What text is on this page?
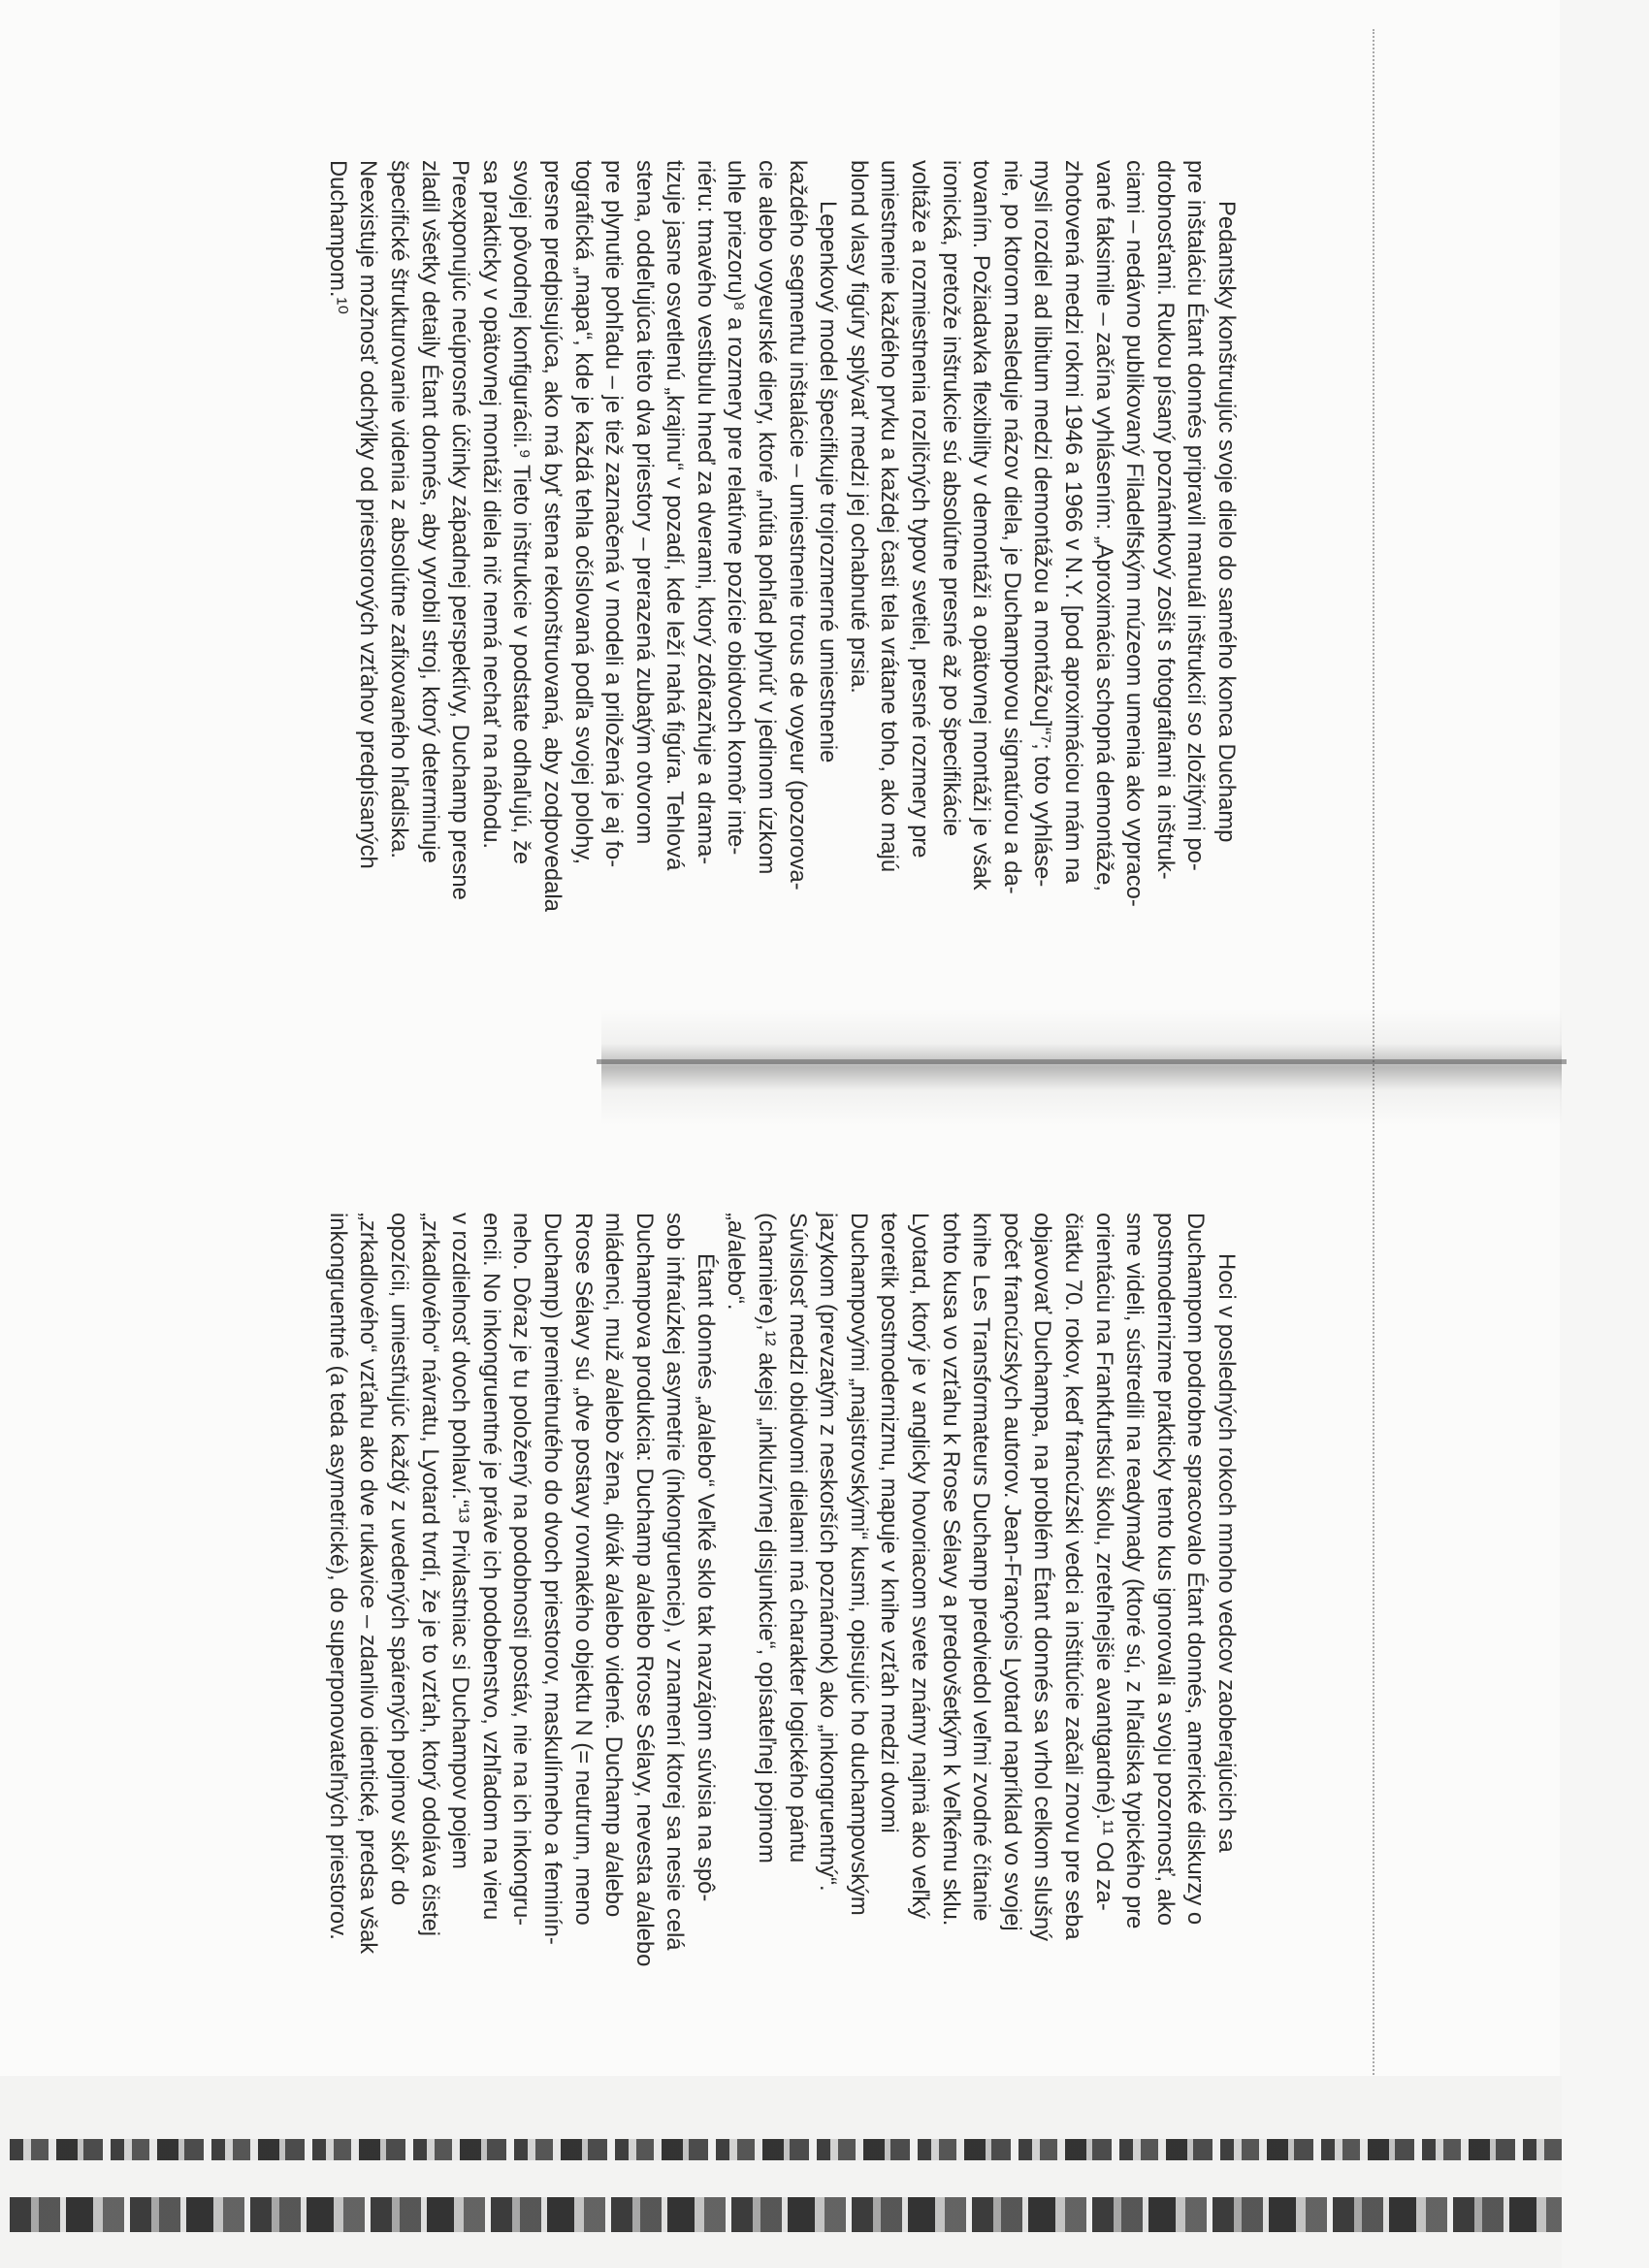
Pedantsky konštruujúc svoje dielo do samého konca Duchamp
pre inštaláciu Étant donnés pripravil manuál inštrukcií so zložitými po-
drobnosťami. Rukou písaný poznámkový zošit s fotografiami a inštruk-
ciami – nedávno publikovaný Filadelfským múzeom umenia ako vypraco-
vané faksimile – začína vyhlásením: „Aproximácia schopná demontáže,
zhotovená medzi rokmi 1946 a 1966 v N.Y. [pod aproximáciou mám na
mysli rozdiel ad libitum medzi demontážou a montážou]“⁷; toto vyhláse-
nie, po ktorom nasleduje názov diela, je Duchampovou signatúrou a da-
tovaním. Požiadavka flexibility v demontáži a opätovnej montáži je však
ironická, pretože inštrukcie sú absolútne presné až po špecifikácie
voltáže a rozmiestnenia rozličných typov svetiel, presné rozmery pre
umiestnenie každého prvku a každej časti tela vrátane toho, ako majú
blond vlasy figúry splývať medzi jej ochabnuté prsia.
Lepenkový model špecifikuje trojrozmerné umiestnenie
každého segmentu inštalácie – umiestnenie trous de voyeur (pozorova-
cie alebo voyeurské diery, ktoré „nútia pohľad plynúť v jedinom úzkom
uhle priezoru)⁸ a rozmery pre relatívne pozície obidvoch komôr inte-
riéru: tmavého vestibulu hneď za dverami, ktorý zdôrazňuje a drama-
tizuje jasne osvetlenú „krajinu“ v pozadí, kde leží nahá figúra. Tehlová
stena, oddeľujúca tieto dva priestory – prerazená zubatým otvorom
pre plynutie pohľadu – je tiež zaznačená v modeli a priložená je aj fo-
tografická „mapa“, kde je každá tehla očíslovaná podľa svojej polohy,
presne predpisujúca, ako má byť stena rekonštruovaná, aby zodpovedala
svojej pôvodnej konfigurácii.⁹ Tieto inštrukcie v podstate odhaľujú, že
sa prakticky v opätovnej montáži diela nič nemá nechať na náhodu.
Preexponujúc neúprosné účinky západnej perspektívy, Duchamp presne
zladil všetky detaily Étant donnés, aby vyrobil stroj, ktorý determinuje
špecifické štrukturovanie videnia z absolútne zafixovaného hľadiska.
Neexistuje možnosť odchýlky od priestorových vzťahov predpísaných
Duchampom.¹⁰
Hoci v posledných rokoch mnoho vedcov zaoberajúcich sa
Duchampom podrobne spracovalo Étant donnés, americké diskurzy o
postmodernizme prakticky tento kus ignorovali a svoju pozornosť, ako
sme videli, sústredili na readymady (ktoré sú, z hľadiska typického pre
orientáciu na Frankfurtskú školu, zreteľnejšie avantgardné).¹¹ Od za-
čiatku 70. rokov, keď francúzski vedci a inštitúcie začali znovu pre seba
objavovať Duchampa, na problém Étant donnés sa vrhol celkom slušný
počet francúzskych autorov. Jean-François Lyotard napríklad vo svojej
knihe Les Transformateurs Duchamp predviedol veľmi zvodné čítanie
tohto kusa vo vzťahu k Rrose Sélavy a predovšetkým k Veľkému sklu.
Lyotard, ktorý je v anglicky hovoriacom svete známy najmä ako veľký
teoretik postmodernizmu, mapuje v knihe vzťah medzi dvomi
Duchampovými „majstrovskými“ kusmi, opisujúc ho duchampovským
jazykom (prevzatým z neskorších poznámok) ako „inkongruentný“.
Súvislosť medzi obidvomi dielami má charakter logického pántu
(charnière),¹² akejsi „inkluzívnej disjunkcie“, opísateľnej pojmom
„a/alebo“.
Étant donnés „a/alebo“ Veľké sklo tak navzájom súvisia na spô-
sob infraúzkej asymetrie (inkongruencie), v znamení ktorej sa nesie celá
Duchampova produkcia: Duchamp a/alebo Rrose Sélavy, nevesta a/alebo
mládenci, muž a/alebo žena, divák a/alebo videné. Duchamp a/alebo
Rrose Sélavy sú „dve postavy rovnakého objektu N (= neutrum, meno
Duchamp) premietnutého do dvoch priestorov, maskulínneho a feminín-
neho. Dôraz je tu položený na podobnosti postáv, nie na ich inkongru-
encii. No inkongruentné je práve ich podobenstvo, vzhľadom na vieru
v rozdielnosť dvoch pohlaví.“¹³ Privlastniac si Duchampov pojem
„zrkadlového“ návratu, Lyotard tvrdí, že je to vzťah, ktorý odoláva čistej
opozícii, umiestňujúc každý z uvedených spárených pojmov skôr do
„zrkadlového“ vzťahu ako dve rukavice – zdanlivo identické, predsa však
inkongruentné (a teda asymetrické), do superponovateľných priestorov.
